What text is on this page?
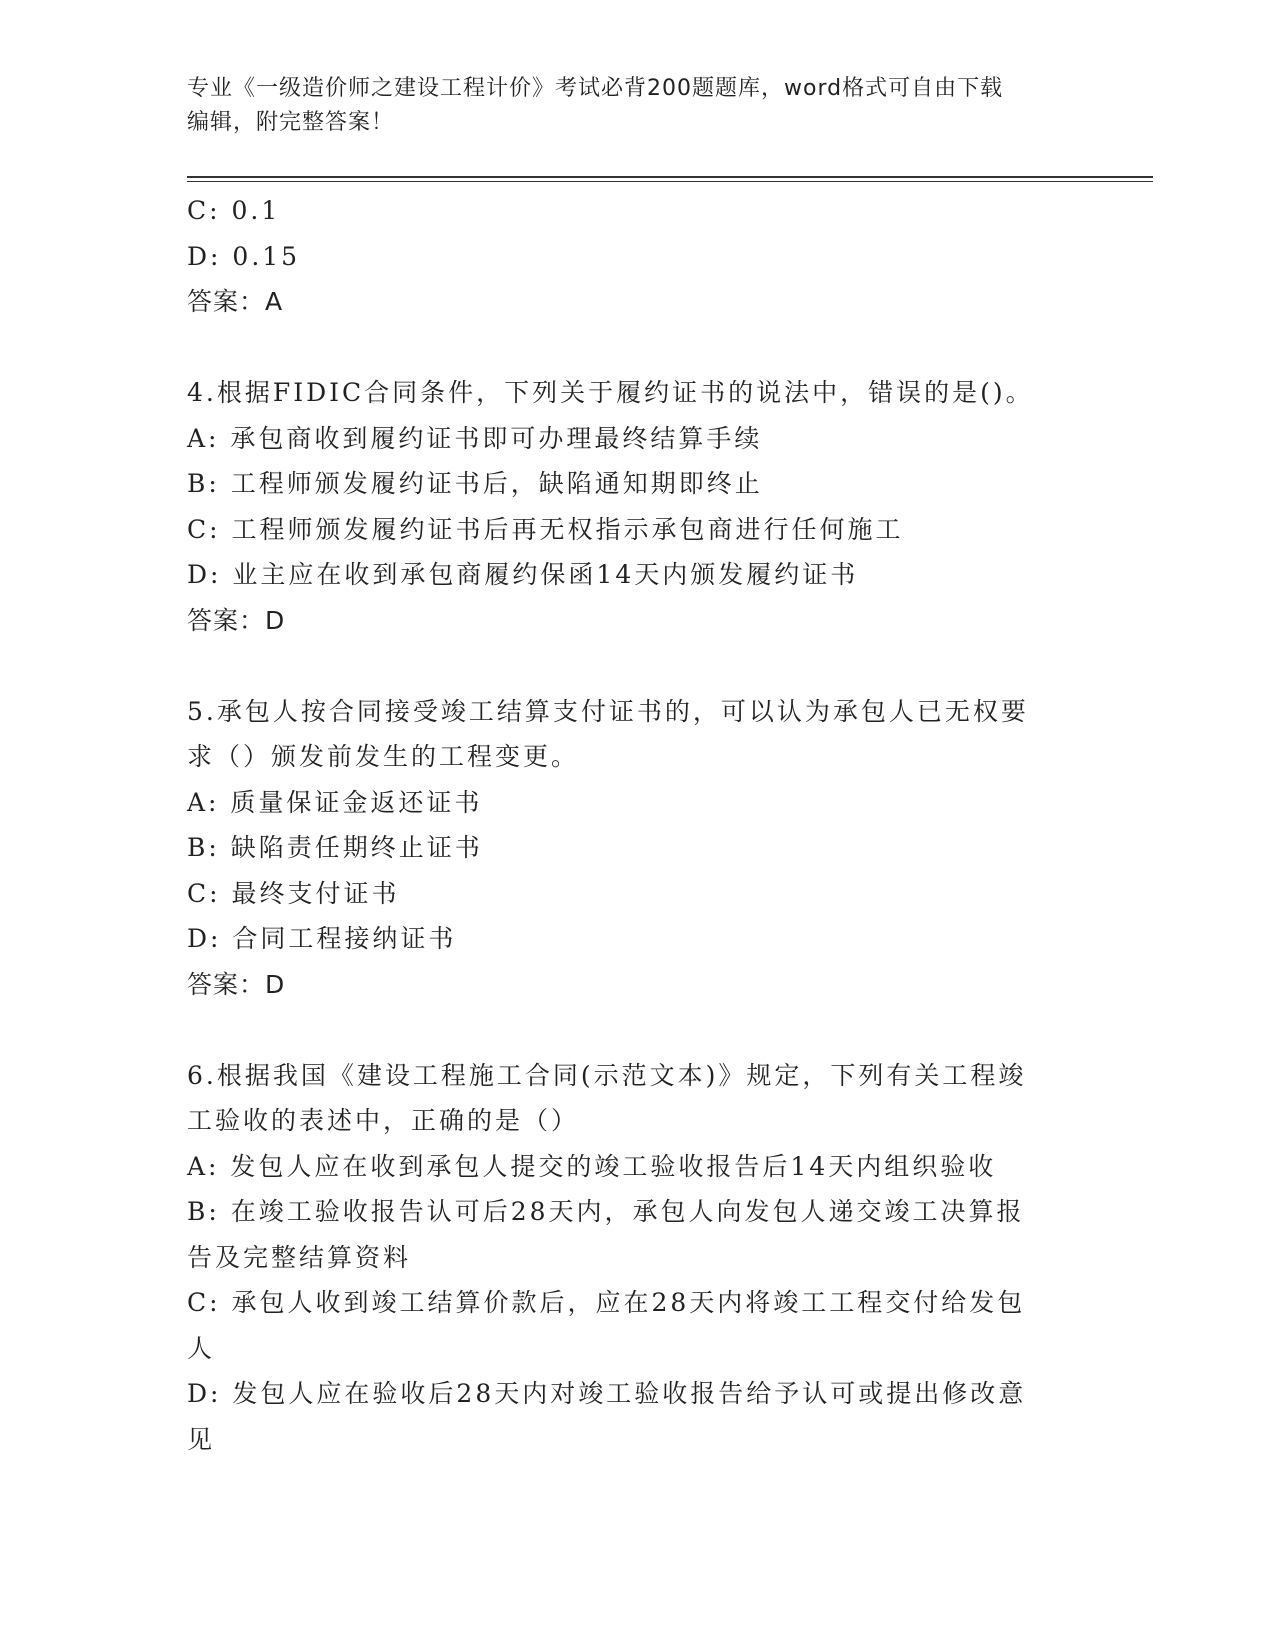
专业《一级造价师之建设工程计价》考试必背200题题库，word格式可自由下载
编辑，附完整答案！
C: 0.1
D: 0.15
答案：A
4.根据FIDIC合同条件，下列关于履约证书的说法中，错误的是()。
A: 承包商收到履约证书即可办理最终结算手续
B: 工程师颁发履约证书后，缺陷通知期即终止
C: 工程师颁发履约证书后再无权指示承包商进行任何施工
D: 业主应在收到承包商履约保函14天内颁发履约证书
答案：D
5.承包人按合同接受竣工结算支付证书的，可以认为承包人已无权要
求（）颁发前发生的工程变更。
A: 质量保证金返还证书
B: 缺陷责任期终止证书
C: 最终支付证书
D: 合同工程接纳证书
答案：D
6.根据我国《建设工程施工合同(示范文本)》规定，下列有关工程竣
工验收的表述中，正确的是（）
A: 发包人应在收到承包人提交的竣工验收报告后14天内组织验收
B: 在竣工验收报告认可后28天内，承包人向发包人递交竣工决算报
告及完整结算资料
C: 承包人收到竣工结算价款后，应在28天内将竣工工程交付给发包
人
D: 发包人应在验收后28天内对竣工验收报告给予认可或提出修改意
见
